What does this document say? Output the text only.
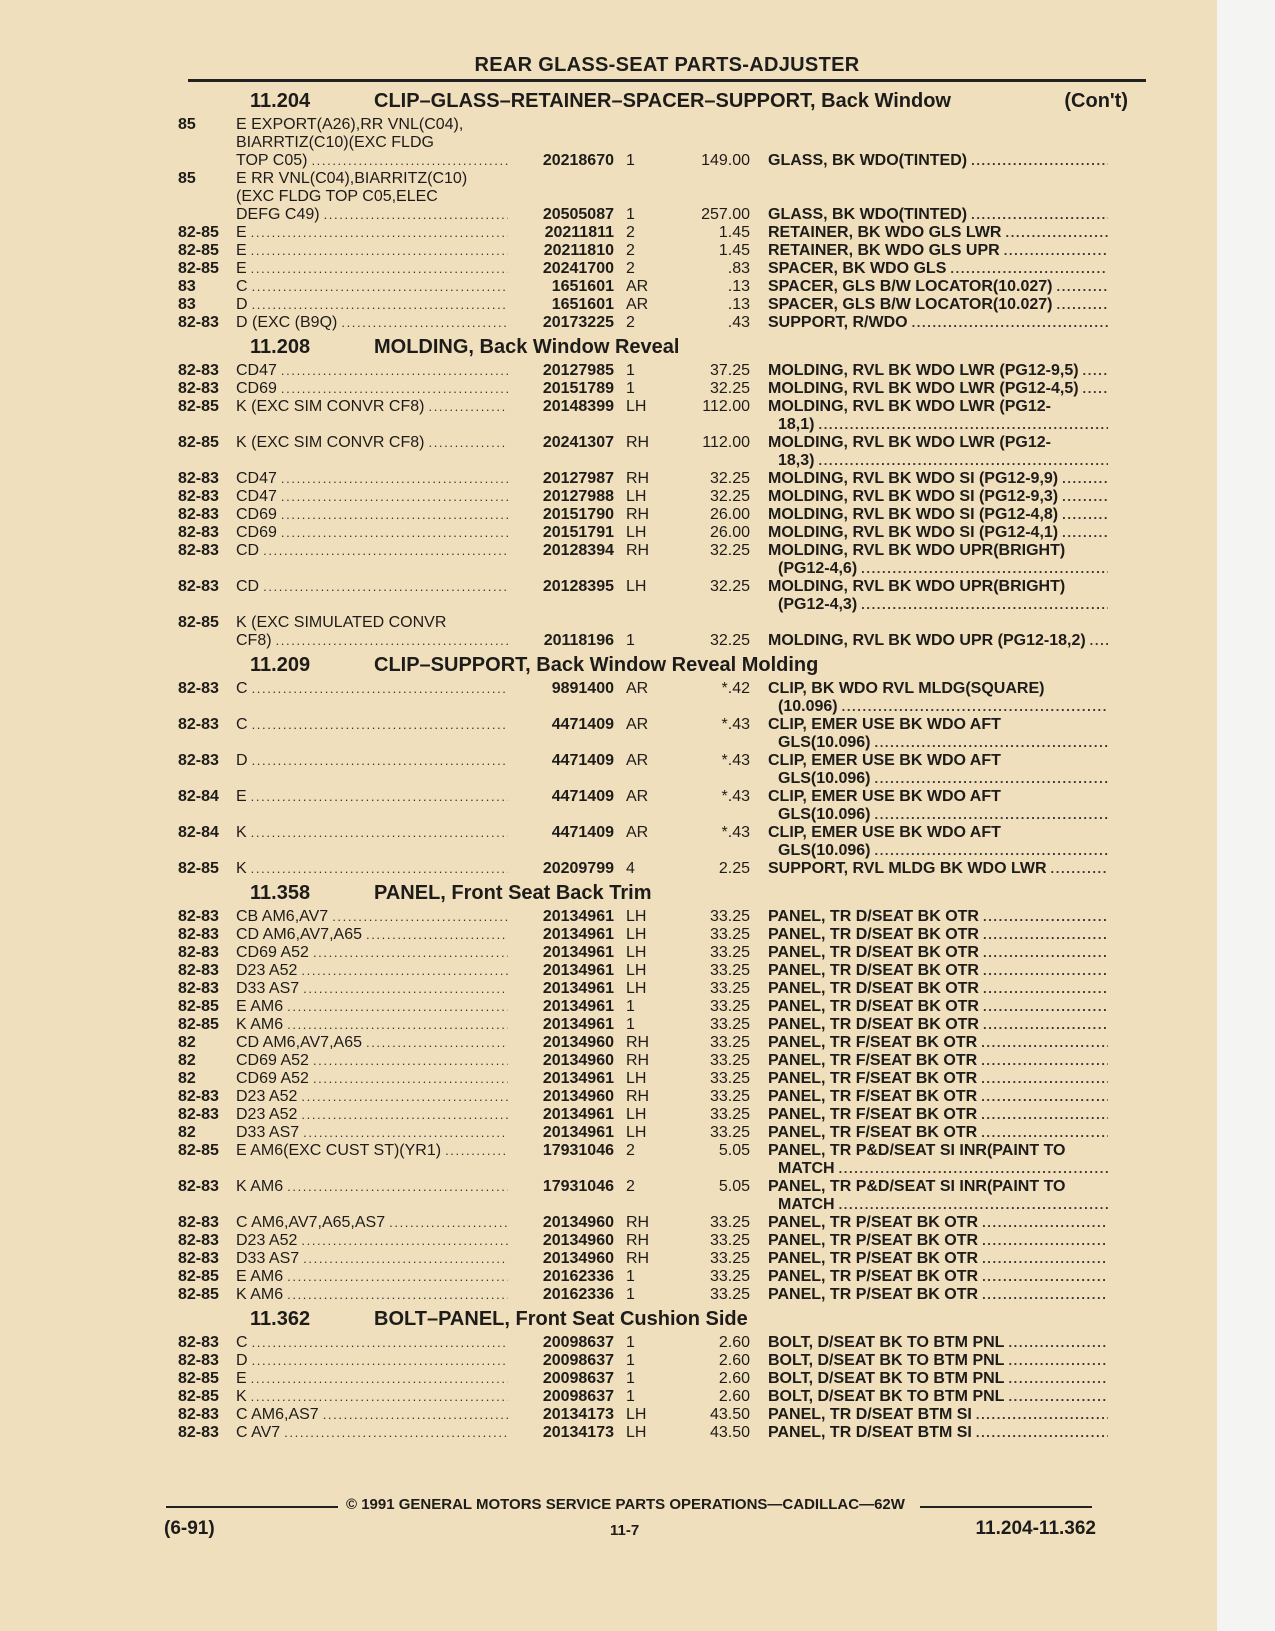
REAR GLASS-SEAT PARTS-ADJUSTER
11.204	CLIP–GLASS–RETAINER–SPACER–SUPPORT, Back Window	(Con't)
85	E EXPORT(A26),RR VNL(C04),
BIARRTIZ(C10)(EXC FLDG
TOP C05) . . .	20218670 1	149.00 GLASS, BK WDO(TINTED)
. . .
85	E RR VNL(C04),BIARRITZ(C10)
(EXC FLDG TOP C05,ELEC
DEFG C49) . . .	20505087 1	257.00 GLASS, BK WDO(TINTED)
. . .
82-85	E . . .	20211811 2	1.45 RETAINER, BK WDO GLS LWR
. . .
82-85	E . . .	20211810 2	1.45 RETAINER, BK WDO GLS UPR
. . .
82-85	E . . .	20241700 2	.83 SPACER, BK WDO GLS
. . .
83	C . . .	1651601 AR	.13 SPACER, GLS B/W LOCATOR(10.027)
. . .
83	D . . .	1651601 AR	.13 SPACER, GLS B/W LOCATOR(10.027)
. . .
82-83	D (EXC (B9Q) . . .	20173225 2	.43 SUPPORT, R/WDO
. . .
11.208	MOLDING, Back Window Reveal
82-83	CD47 . . .	20127985 1	37.25 MOLDING, RVL BK WDO LWR (PG12-9,5)
. . .
82-83	CD69 . . .	20151789 1	32.25 MOLDING, RVL BK WDO LWR (PG12-4,5)
. . .
82-85	K (EXC SIM CONVR CF8) . . .	20148399 LH	112.00 MOLDING, RVL BK WDO LWR (PG12-
18,1)
. . .
82-85	K (EXC SIM CONVR CF8) . . .	20241307 RH	112.00 MOLDING, RVL BK WDO LWR (PG12-
18,3)
. . .
82-83	CD47 . . .	20127987 RH	32.25 MOLDING, RVL BK WDO SI (PG12-9,9)
. . .
82-83	CD47 . . .	20127988 LH	32.25 MOLDING, RVL BK WDO SI (PG12-9,3)
. . .
82-83	CD69 . . .	20151790 RH	26.00 MOLDING, RVL BK WDO SI (PG12-4,8)
. . .
82-83	CD69 . . .	20151791 LH	26.00 MOLDING, RVL BK WDO SI (PG12-4,1)
. . .
82-83	CD . . .	20128394 RH	32.25 MOLDING, RVL BK WDO UPR(BRIGHT)
(PG12-4,6)
. . .
82-83	CD . . .	20128395 LH	32.25 MOLDING, RVL BK WDO UPR(BRIGHT)
(PG12-4,3)
. . .
82-85	K (EXC SIMULATED CONVR
CF8) . . .	20118196 1	32.25 MOLDING, RVL BK WDO UPR (PG12-18,2)
. . .
11.209	CLIP–SUPPORT, Back Window Reveal Molding
82-83	C . . .	9891400 AR	*.42 CLIP, BK WDO RVL MLDG(SQUARE)
(10.096)
. . .
82-83	C . . .	4471409 AR	*.43 CLIP, EMER USE BK WDO AFT
GLS(10.096)
. . .
82-83	D . . .	4471409 AR	*.43 CLIP, EMER USE BK WDO AFT
GLS(10.096)
. . .
82-84	E . . .	4471409 AR	*.43 CLIP, EMER USE BK WDO AFT
GLS(10.096)
. . .
82-84	K . . .	4471409 AR	*.43 CLIP, EMER USE BK WDO AFT
GLS(10.096)
. . .
82-85	K . . .	20209799 4	2.25 SUPPORT, RVL MLDG BK WDO LWR
. . .
11.358	PANEL, Front Seat Back Trim
82-83	CB AM6,AV7 . . .	20134961 LH	33.25 PANEL, TR D/SEAT BK OTR
. . .
82-83	CD AM6,AV7,A65 . . .	20134961 LH	33.25 PANEL, TR D/SEAT BK OTR
. . .
82-83	CD69 A52 . . .	20134961 LH	33.25 PANEL, TR D/SEAT BK OTR
. . .
82-83	D23 A52 . . .	20134961 LH	33.25 PANEL, TR D/SEAT BK OTR
. . .
82-83	D33 AS7 . . .	20134961 LH	33.25 PANEL, TR D/SEAT BK OTR
. . .
82-85	E AM6 . . .	20134961 1	33.25 PANEL, TR D/SEAT BK OTR
. . .
82-85	K AM6 . . .	20134961 1	33.25 PANEL, TR D/SEAT BK OTR
. . .
82	CD AM6,AV7,A65 . . .	20134960 RH	33.25 PANEL, TR F/SEAT BK OTR
. . .
82	CD69 A52 . . .	20134960 RH	33.25 PANEL, TR F/SEAT BK OTR
. . .
82	CD69 A52 . . .	20134961 LH	33.25 PANEL, TR F/SEAT BK OTR
. . .
82-83	D23 A52 . . .	20134960 RH	33.25 PANEL, TR F/SEAT BK OTR
. . .
82-83	D23 A52 . . .	20134961 LH	33.25 PANEL, TR F/SEAT BK OTR
. . .
82	D33 AS7 . . .	20134961 LH	33.25 PANEL, TR F/SEAT BK OTR
. . .
82-85	E AM6(EXC CUST ST)(YR1) . . .	17931046 2	5.05 PANEL, TR P&D/SEAT SI INR(PAINT TO
MATCH
. . .
82-83	K AM6 . . .	17931046 2	5.05 PANEL, TR P&D/SEAT SI INR(PAINT TO
MATCH
. . .
82-83	C AM6,AV7,A65,AS7 . . .	20134960 RH	33.25 PANEL, TR P/SEAT BK OTR
. . .
82-83	D23 A52 . . .	20134960 RH	33.25 PANEL, TR P/SEAT BK OTR
. . .
82-83	D33 AS7 . . .	20134960 RH	33.25 PANEL, TR P/SEAT BK OTR
. . .
82-85	E AM6 . . .	20162336 1	33.25 PANEL, TR P/SEAT BK OTR
. . .
82-85	K AM6 . . .	20162336 1	33.25 PANEL, TR P/SEAT BK OTR
. . .
11.362	BOLT–PANEL, Front Seat Cushion Side
82-83	C . . .	20098637 1	2.60 BOLT, D/SEAT BK TO BTM PNL
. . .
82-83	D . . .	20098637 1	2.60 BOLT, D/SEAT BK TO BTM PNL
. . .
82-85	E . . .	20098637 1	2.60 BOLT, D/SEAT BK TO BTM PNL
. . .
82-85	K . . .	20098637 1	2.60 BOLT, D/SEAT BK TO BTM PNL
. . .
82-83	C AM6,AS7 . . .	20134173 LH	43.50 PANEL, TR D/SEAT BTM SI
. . .
82-83	C AV7 . . .	20134173 LH	43.50 PANEL, TR D/SEAT BTM SI
. . .
© 1991 GENERAL MOTORS SERVICE PARTS OPERATIONS—CADILLAC—62W
(6-91)	11-7	11.204-11.362
